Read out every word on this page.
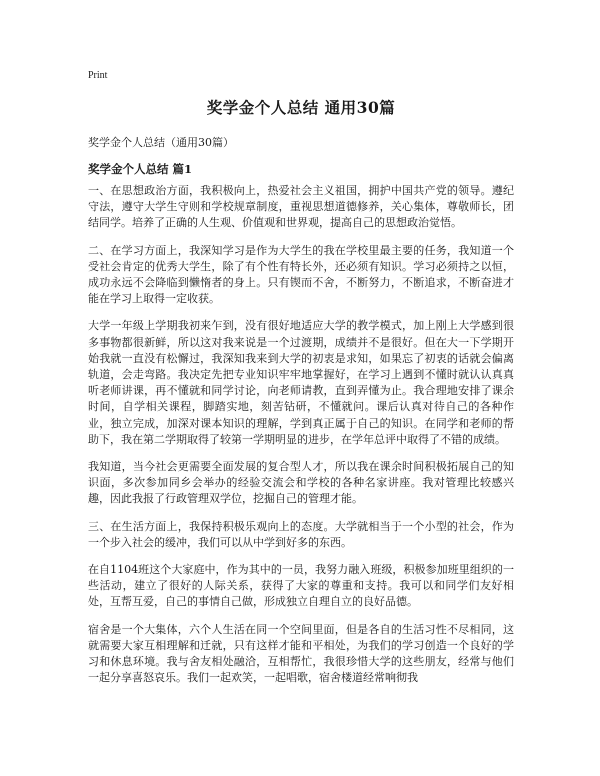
Print
奖学金个人总结 通用30篇

奖学金个人总结（通用30篇）

奖学金个人总结 篇1

一、在思想政治方面，我积极向上，热爱社会主义祖国，拥护中国共产党的领导。遵纪守法，遵守大学生守则和学校规章制度，重视思想道德修养，关心集体，尊敬师长，团结同学。培养了正确的人生观、价值观和世界观，提高自己的思想政治觉悟。

二、在学习方面上，我深知学习是作为大学生的我在学校里最主要的任务，我知道一个受社会肯定的优秀大学生，除了有个性有特长外，还必须有知识。学习必须持之以恒，成功永远不会降临到懒惰者的身上。只有锲而不舍，不断努力，不断追求，不断奋进才能在学习上取得一定收获。

大学一年级上学期我初来乍到，没有很好地适应大学的教学模式，加上刚上大学感到很多事物都很新鲜，所以这对我来说是一个过渡期，成绩并不是很好。但在大一下学期开始我就一直没有松懈过，我深知我来到大学的初衷是求知，如果忘了初衷的话就会偏离轨道，会走弯路。我决定先把专业知识牢牢地掌握好，在学习上遇到不懂时就认认真真听老师讲课，再不懂就和同学讨论，向老师请教，直到弄懂为止。我合理地安排了课余时间，自学相关课程，脚踏实地，刻苦钻研，不懂就问。课后认真对待自己的各种作业，独立完成，加深对课本知识的理解，学到真正属于自己的知识。在同学和老师的帮助下，我在第二学期取得了较第一学期明显的进步，在学年总评中取得了不错的成绩。

我知道，当今社会更需要全面发展的复合型人才，所以我在课余时间积极拓展自己的知识面，多次参加同乡会举办的经验交流会和学校的各种名家讲座。我对管理比较感兴趣，因此我报了行政管理双学位，挖掘自己的管理才能。

三、在生活方面上，我保持积极乐观向上的态度。大学就相当于一个小型的社会，作为一个步入社会的缓冲，我们可以从中学到好多的东西。

在自1104班这个大家庭中，作为其中的一员，我努力融入班级，积极参加班里组织的一些活动，建立了很好的人际关系，获得了大家的尊重和支持。我可以和同学们友好相处，互帮互爱，自己的事情自己做，形成独立自理自立的良好品德。

宿舍是一个大集体，六个人生活在同一个空间里面，但是各自的生活习性不尽相同，这就需要大家互相理解和迁就，只有这样才能和平相处，为我们的学习创造一个良好的学习和休息环境。我与舍友相处融洽，互相帮忙，我很珍惜大学的这些朋友，经常与他们一起分享喜怒哀乐。我们一起欢笑，一起唱歌，宿舍楼道经常响彻我
